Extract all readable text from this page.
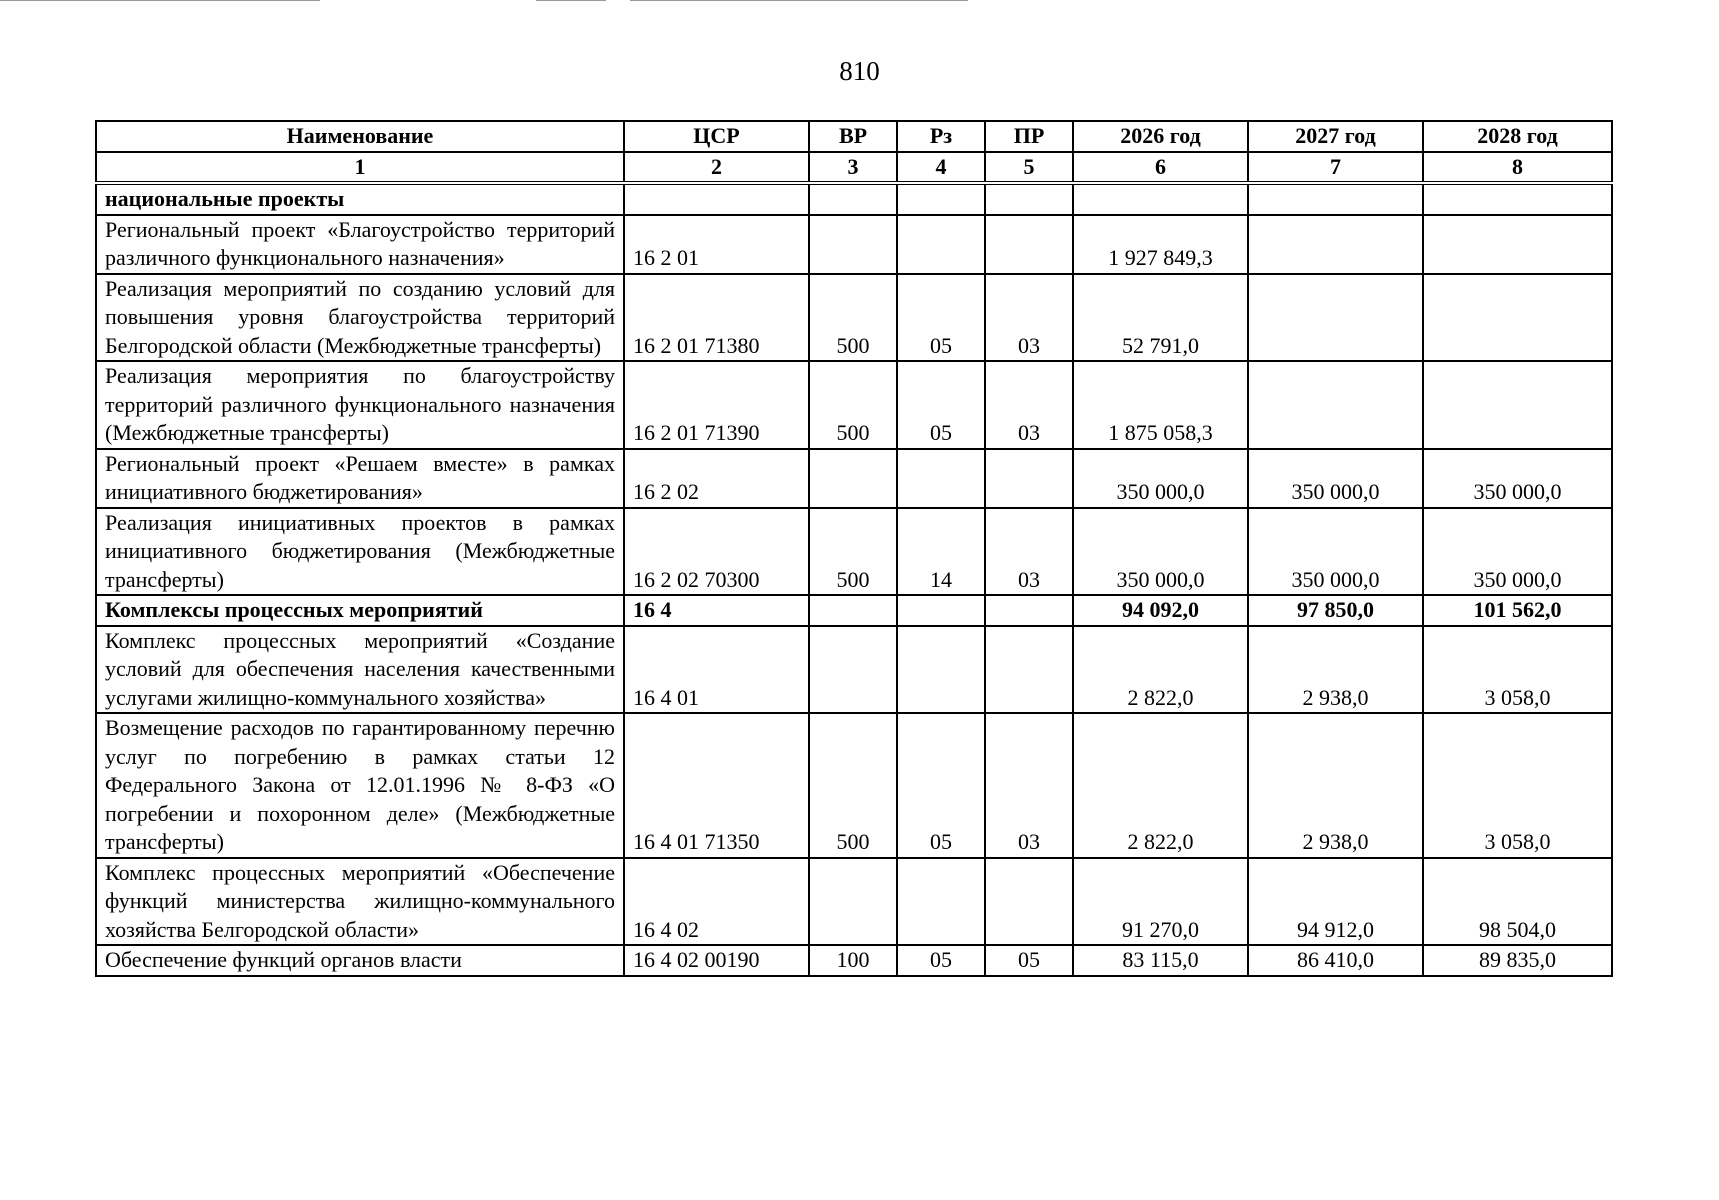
810
Наименование	ЦСР	ВР	Рз	ПР	2026 год	2027 год	2028 год
1	2	3	4	5	6	7	8
национальные проекты							
Региональный проект «Благоустройство территорий различного функционального назначения»	16 2 01				1 927 849,3		
Реализация мероприятий по созданию условий для повышения уровня благоустройства территорий Белгородской области (Межбюджетные трансферты)	16 2 01 71380	500	05	03	52 791,0		
Реализация мероприятия по благоустройству территорий различного функционального назначения (Межбюджетные трансферты)	16 2 01 71390	500	05	03	1 875 058,3		
Региональный проект «Решаем вместе» в рамках инициативного бюджетирования»	16 2 02				350 000,0	350 000,0	350 000,0
Реализация инициативных проектов в рамках инициативного бюджетирования (Межбюджетные трансферты)	16 2 02 70300	500	14	03	350 000,0	350 000,0	350 000,0
Комплексы процессных мероприятий	16 4				94 092,0	97 850,0	101 562,0
Комплекс процессных мероприятий «Создание условий для обеспечения населения качественными услугами жилищно-коммунального хозяйства»	16 4 01				2 822,0	2 938,0	3 058,0
Возмещение расходов по гарантированному перечню услуг по погребению в рамках статьи 12 Федерального Закона от 12.01.1996 № 8-ФЗ «О погребении и похоронном деле» (Межбюджетные трансферты)	16 4 01 71350	500	05	03	2 822,0	2 938,0	3 058,0
Комплекс процессных мероприятий «Обеспечение функций министерства жилищно-коммунального хозяйства Белгородской области»	16 4 02				91 270,0	94 912,0	98 504,0
Обеспечение функций органов власти	16 4 02 00190	100	05	05	83 115,0	86 410,0	89 835,0
